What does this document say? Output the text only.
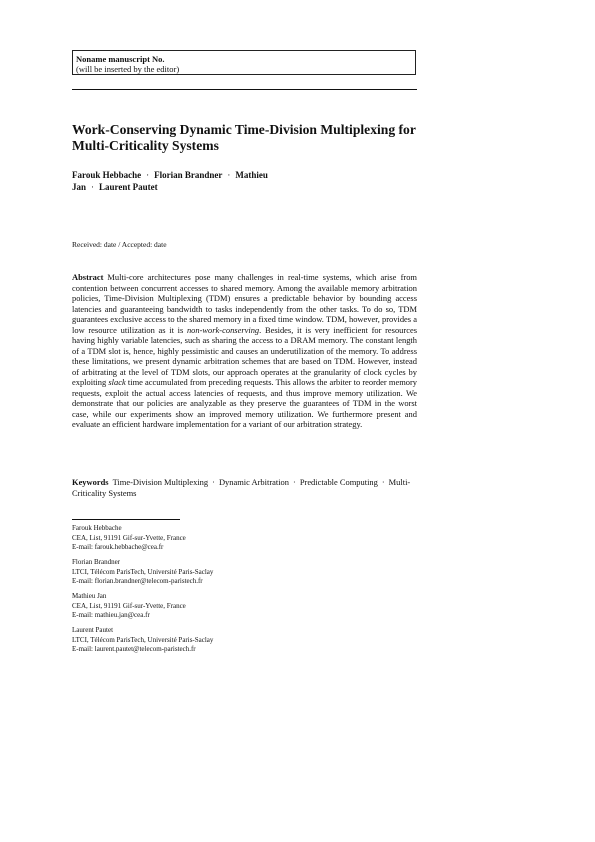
Noname manuscript No.
(will be inserted by the editor)
Work-Conserving Dynamic Time-Division Multiplexing for Multi-Criticality Systems
Farouk Hebbache · Florian Brandner · Mathieu
Jan · Laurent Pautet
Received: date / Accepted: date

Abstract Multi-core architectures pose many challenges in real-time systems, which arise from contention between concurrent accesses to shared memory. Among the available memory arbitration policies, Time-Division Multiplexing (TDM) ensures a predictable behavior by bounding access latencies and guaranteeing bandwidth to tasks independently from the other tasks. To do so, TDM guarantees exclusive access to the shared memory in a fixed time window. TDM, however, provides a low resource utilization as it is non-work-conserving. Besides, it is very inefficient for resources having highly variable latencies, such as sharing the access to a DRAM memory. The constant length of a TDM slot is, hence, highly pessimistic and causes an underutilization of the memory. To address these limitations, we present dynamic arbitration schemes that are based on TDM. However, instead of arbitrating at the level of TDM slots, our approach operates at the granularity of clock cycles by exploiting slack time accumulated from preceding requests. This allows the arbiter to reorder memory requests, exploit the actual access latencies of requests, and thus improve memory utilization. We demonstrate that our policies are analyzable as they preserve the guarantees of TDM in the worst case, while our experiments show an improved memory utilization. We furthermore present and evaluate an efficient hardware implementation for a variant of our arbitration strategy.

Keywords Time-Division Multiplexing · Dynamic Arbitration · Predictable Computing · Multi-Criticality Systems

Farouk Hebbache
CEA, List, 91191 Gif-sur-Yvette, France
E-mail: farouk.hebbache@cea.fr
Florian Brandner
LTCI, Télécom ParisTech, Université Paris-Saclay
E-mail: florian.brandner@telecom-paristech.fr
Mathieu Jan
CEA, List, 91191 Gif-sur-Yvette, France
E-mail: mathieu.jan@cea.fr
Laurent Pautet
LTCI, Télécom ParisTech, Université Paris-Saclay
E-mail: laurent.pautet@telecom-paristech.fr
